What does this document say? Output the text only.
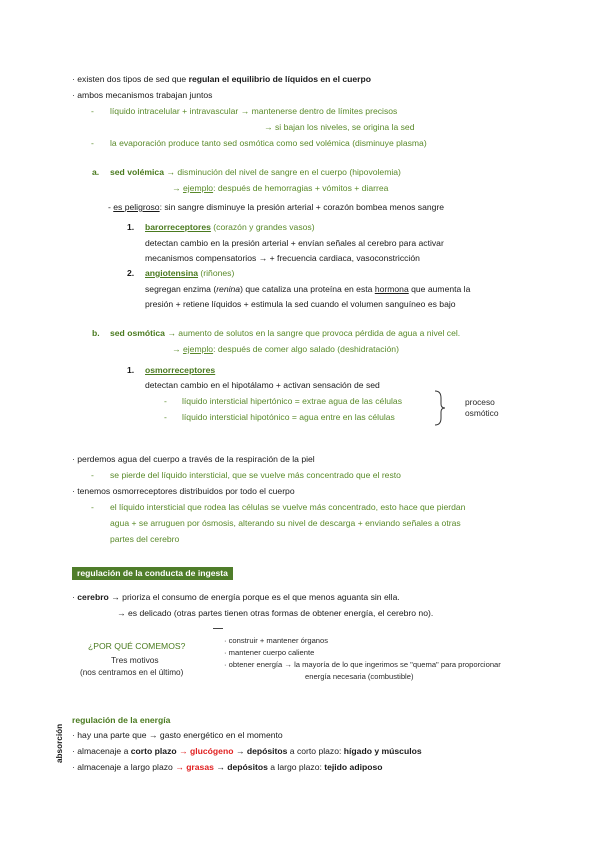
· existen dos tipos de sed que regulan el equilibrio de líquidos en el cuerpo
· ambos mecanismos trabajan juntos
- líquido intracelular + intravascular → mantenerse dentro de límites precisos
→ si bajan los niveles, se origina la sed
- la evaporación produce tanto sed osmótica como sed volémica (disminuye plasma)
a. sed volémica → disminución del nivel de sangre en el cuerpo (hipovolemia)
→ ejemplo: después de hemorragias + vómitos + diarrea
- es peligroso: sin sangre disminuye la presión arterial + corazón bombea menos sangre
1. barorreceptores (corazón y grandes vasos)
detectan cambio en la presión arterial + envían señales al cerebro para activar
mecanismos compensatorios → + frecuencia cardiaca, vasoconstricción
2. angiotensina (riñones)
segregan enzima (renina) que cataliza una proteína en esta hormona que aumenta la
presión + retiene líquidos + estimula la sed cuando el volumen sanguíneo es bajo
b. sed osmótica → aumento de solutos en la sangre que provoca pérdida de agua a nivel cel.
→ ejemplo: después de comer algo salado (deshidratación)
1. osmorreceptores
detectan cambio en el hipotálamo + activan sensación de sed
- líquido intersticial hipertónico = extrae agua de las células
- líquido intersticial hipotónico = agua entre en las células
proceso
osmótico
· perdemos agua del cuerpo a través de la respiración de la piel
- se pierde del líquido intersticial, que se vuelve más concentrado que el resto
· tenemos osmorreceptores distribuidos por todo el cuerpo
- el líquido intersticial que rodea las células se vuelve más concentrado, esto hace que pierdan
agua + se arruguen por ósmosis, alterando su nivel de descarga + enviando señales a otras
partes del cerebro
regulación de la conducta de ingesta
· cerebro → prioriza el consumo de energía porque es el que menos aguanta sin ella.
→ es delicado (otras partes tienen otras formas de obtener energía, el cerebro no).
¿POR QUÉ COMEMOS?
Tres motivos
(nos centramos en el último)
· construir + mantener órganos
· mantener cuerpo caliente
· obtener energía → la mayoría de lo que ingerimos se "quema" para proporcionar
energía necesaria (combustible)
regulación de la energía
absorción · hay una parte que → gasto energético en el momento
· almacenaje a corto plazo → glucógeno → depósitos a corto plazo: hígado y músculos
· almacenaje a largo plazo → grasas → depósitos a largo plazo: tejido adiposo
